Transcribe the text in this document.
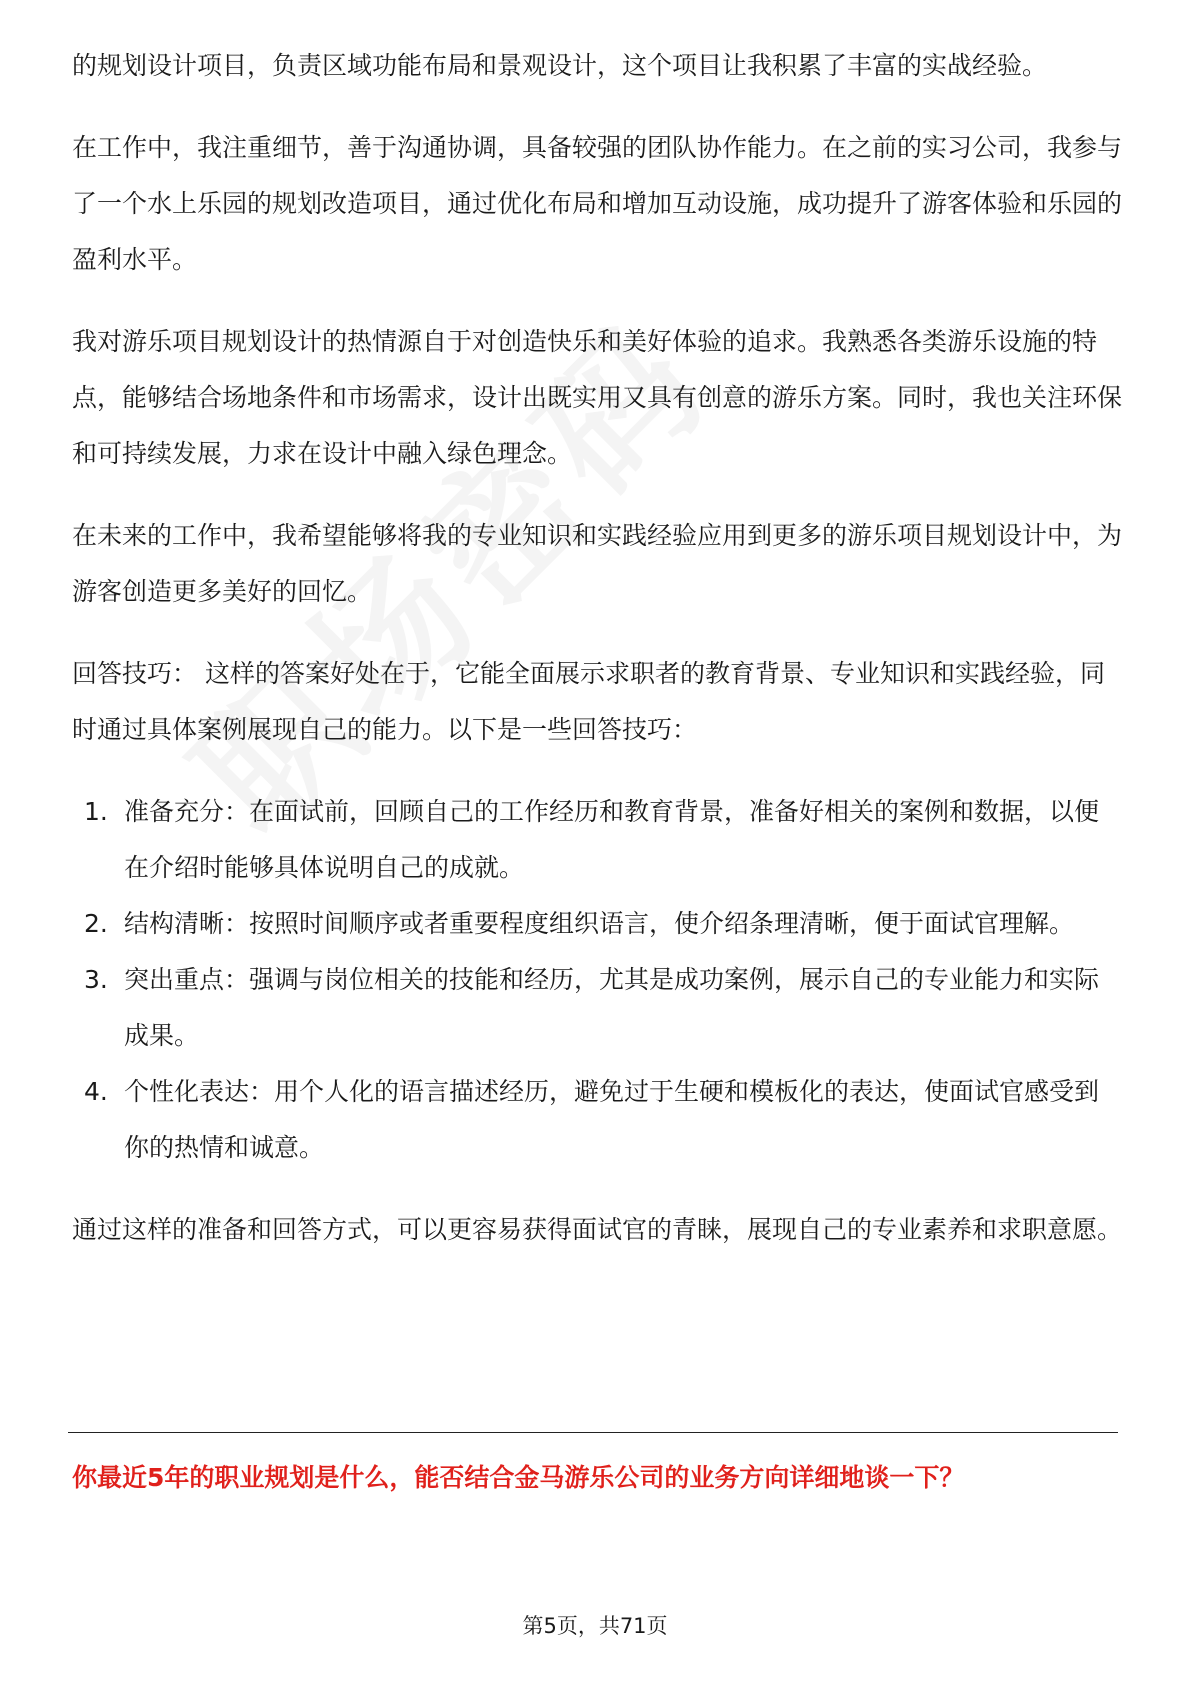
的规划设计项目，负责区域功能布局和景观设计，这个项目让我积累了丰富的实战经验。

在工作中，我注重细节，善于沟通协调，具备较强的团队协作能力。在之前的实习公司，我参与了一个水上乐园的规划改造项目，通过优化布局和增加互动设施，成功提升了游客体验和乐园的盈利水平。

我对游乐项目规划设计的热情源自于对创造快乐和美好体验的追求。我熟悉各类游乐设施的特点，能够结合场地条件和市场需求，设计出既实用又具有创意的游乐方案。同时，我也关注环保和可持续发展，力求在设计中融入绿色理念。

在未来的工作中，我希望能够将我的专业知识和实践经验应用到更多的游乐项目规划设计中，为游客创造更多美好的回忆。

回答技巧： 这样的答案好处在于，它能全面展示求职者的教育背景、专业知识和实践经验，同时通过具体案例展现自己的能力。以下是一些回答技巧：

1. 准备充分：在面试前，回顾自己的工作经历和教育背景，准备好相关的案例和数据，以便在介绍时能够具体说明自己的成就。
2. 结构清晰：按照时间顺序或者重要程度组织语言，使介绍条理清晰，便于面试官理解。
3. 突出重点：强调与岗位相关的技能和经历，尤其是成功案例，展示自己的专业能力和实际成果。
4. 个性化表达：用个人化的语言描述经历，避免过于生硬和模板化的表达，使面试官感受到你的热情和诚意。

通过这样的准备和回答方式，可以更容易获得面试官的青睐，展现自己的专业素养和求职意愿。

你最近5年的职业规划是什么，能否结合金马游乐公司的业务方向详细地谈一下？
第5页，共71页
